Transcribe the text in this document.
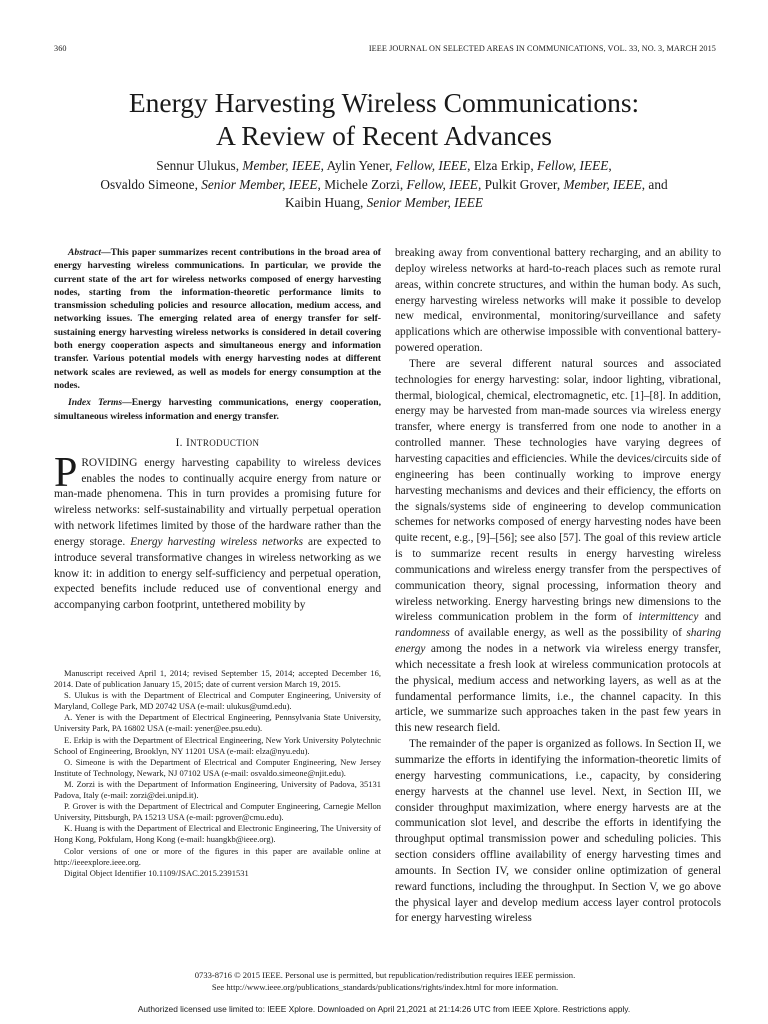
360	IEEE JOURNAL ON SELECTED AREAS IN COMMUNICATIONS, VOL. 33, NO. 3, MARCH 2015
Energy Harvesting Wireless Communications:
A Review of Recent Advances
Sennur Ulukus, Member, IEEE, Aylin Yener, Fellow, IEEE, Elza Erkip, Fellow, IEEE,
Osvaldo Simeone, Senior Member, IEEE, Michele Zorzi, Fellow, IEEE, Pulkit Grover, Member, IEEE, and
Kaibin Huang, Senior Member, IEEE

Abstract—This paper summarizes recent contributions in the broad area of energy harvesting wireless communications. In particular, we provide the current state of the art for wireless networks composed of energy harvesting nodes, starting from the information-theoretic performance limits to transmission scheduling policies and resource allocation, medium access, and networking issues. The emerging related area of energy transfer for self-sustaining energy harvesting wireless networks is considered in detail covering both energy cooperation aspects and simultaneous energy and information transfer. Various potential models with energy harvesting nodes at different network scales are reviewed, as well as models for energy consumption at the nodes.

Index Terms—Energy harvesting communications, energy cooperation, simultaneous wireless information and energy transfer.

I. INTRODUCTION

PROVIDING energy harvesting capability to wireless devices enables the nodes to continually acquire energy from nature or man-made phenomena. This in turn provides a promising future for wireless networks: self-sustainability and virtually perpetual operation with network lifetimes limited by those of the hardware rather than the energy storage. Energy harvesting wireless networks are expected to introduce several transformative changes in wireless networking as we know it: in addition to energy self-sufficiency and perpetual operation, expected benefits include reduced use of conventional energy and accompanying carbon footprint, untethered mobility by

Manuscript received April 1, 2014; revised September 15, 2014; accepted December 16, 2014. Date of publication January 15, 2015; date of current version March 19, 2015.

S. Ulukus is with the Department of Electrical and Computer Engineering, University of Maryland, College Park, MD 20742 USA (e-mail: ulukus@umd.edu).

A. Yener is with the Department of Electrical Engineering, Pennsylvania State University, University Park, PA 16802 USA (e-mail: yener@ee.psu.edu).

E. Erkip is with the Department of Electrical Engineering, New York University Polytechnic School of Engineering, Brooklyn, NY 11201 USA (e-mail: elza@nyu.edu).

O. Simeone is with the Department of Electrical and Computer Engineering, New Jersey Institute of Technology, Newark, NJ 07102 USA (e-mail: osvaldo.simeone@njit.edu).

M. Zorzi is with the Department of Information Engineering, University of Padova, 35131 Padova, Italy (e-mail: zorzi@dei.unipd.it).

P. Grover is with the Department of Electrical and Computer Engineering, Carnegie Mellon University, Pittsburgh, PA 15213 USA (e-mail: pgrover@cmu.edu).

K. Huang is with the Department of Electrical and Electronic Engineering, The University of Hong Kong, Pokfulam, Hong Kong (e-mail: huangkb@ieee.org).

Color versions of one or more of the figures in this paper are available online at http://ieeexplore.ieee.org.

Digital Object Identifier 10.1109/JSAC.2015.2391531

breaking away from conventional battery recharging, and an ability to deploy wireless networks at hard-to-reach places such as remote rural areas, within concrete structures, and within the human body. As such, energy harvesting wireless networks will make it possible to develop new medical, environmental, monitoring/surveillance and safety applications which are otherwise impossible with conventional battery-powered operation.

There are several different natural sources and associated technologies for energy harvesting: solar, indoor lighting, vibrational, thermal, biological, chemical, electromagnetic, etc. [1]–[8]. In addition, energy may be harvested from man-made sources via wireless energy transfer, where energy is transferred from one node to another in a controlled manner. These technologies have varying degrees of harvesting capacities and efficiencies. While the devices/circuits side of engineering has been continually working to improve energy harvesting mechanisms and devices and their efficiency, the efforts on the signals/systems side of engineering to develop communication schemes for networks composed of energy harvesting nodes have been quite recent, e.g., [9]–[56]; see also [57]. The goal of this review article is to summarize recent results in energy harvesting wireless communications and wireless energy transfer from the perspectives of communication theory, signal processing, information theory and wireless networking. Energy harvesting brings new dimensions to the wireless communication problem in the form of intermittency and randomness of available energy, as well as the possibility of sharing energy among the nodes in a network via wireless energy transfer, which necessitate a fresh look at wireless communication protocols at the physical, medium access and networking layers, as well as at the fundamental performance limits, i.e., the channel capacity. In this article, we summarize such approaches taken in the past few years in this new research field.

The remainder of the paper is organized as follows. In Section II, we summarize the efforts in identifying the information-theoretic limits of energy harvesting communications, i.e., capacity, by considering energy harvests at the channel use level. Next, in Section III, we consider throughput maximization, where energy harvests are at the communication slot level, and describe the efforts in identifying the throughput optimal transmission power and scheduling policies. This section considers offline availability of energy harvesting times and amounts. In Section IV, we consider online optimization of general reward functions, including the throughput. In Section V, we go above the physical layer and develop medium access layer control protocols for energy harvesting wireless

0733-8716 © 2015 IEEE. Personal use is permitted, but republication/redistribution requires IEEE permission.
See http://www.ieee.org/publications_standards/publications/rights/index.html for more information.
Authorized licensed use limited to: IEEE Xplore. Downloaded on April 21,2021 at 21:14:26 UTC from IEEE Xplore. Restrictions apply.
